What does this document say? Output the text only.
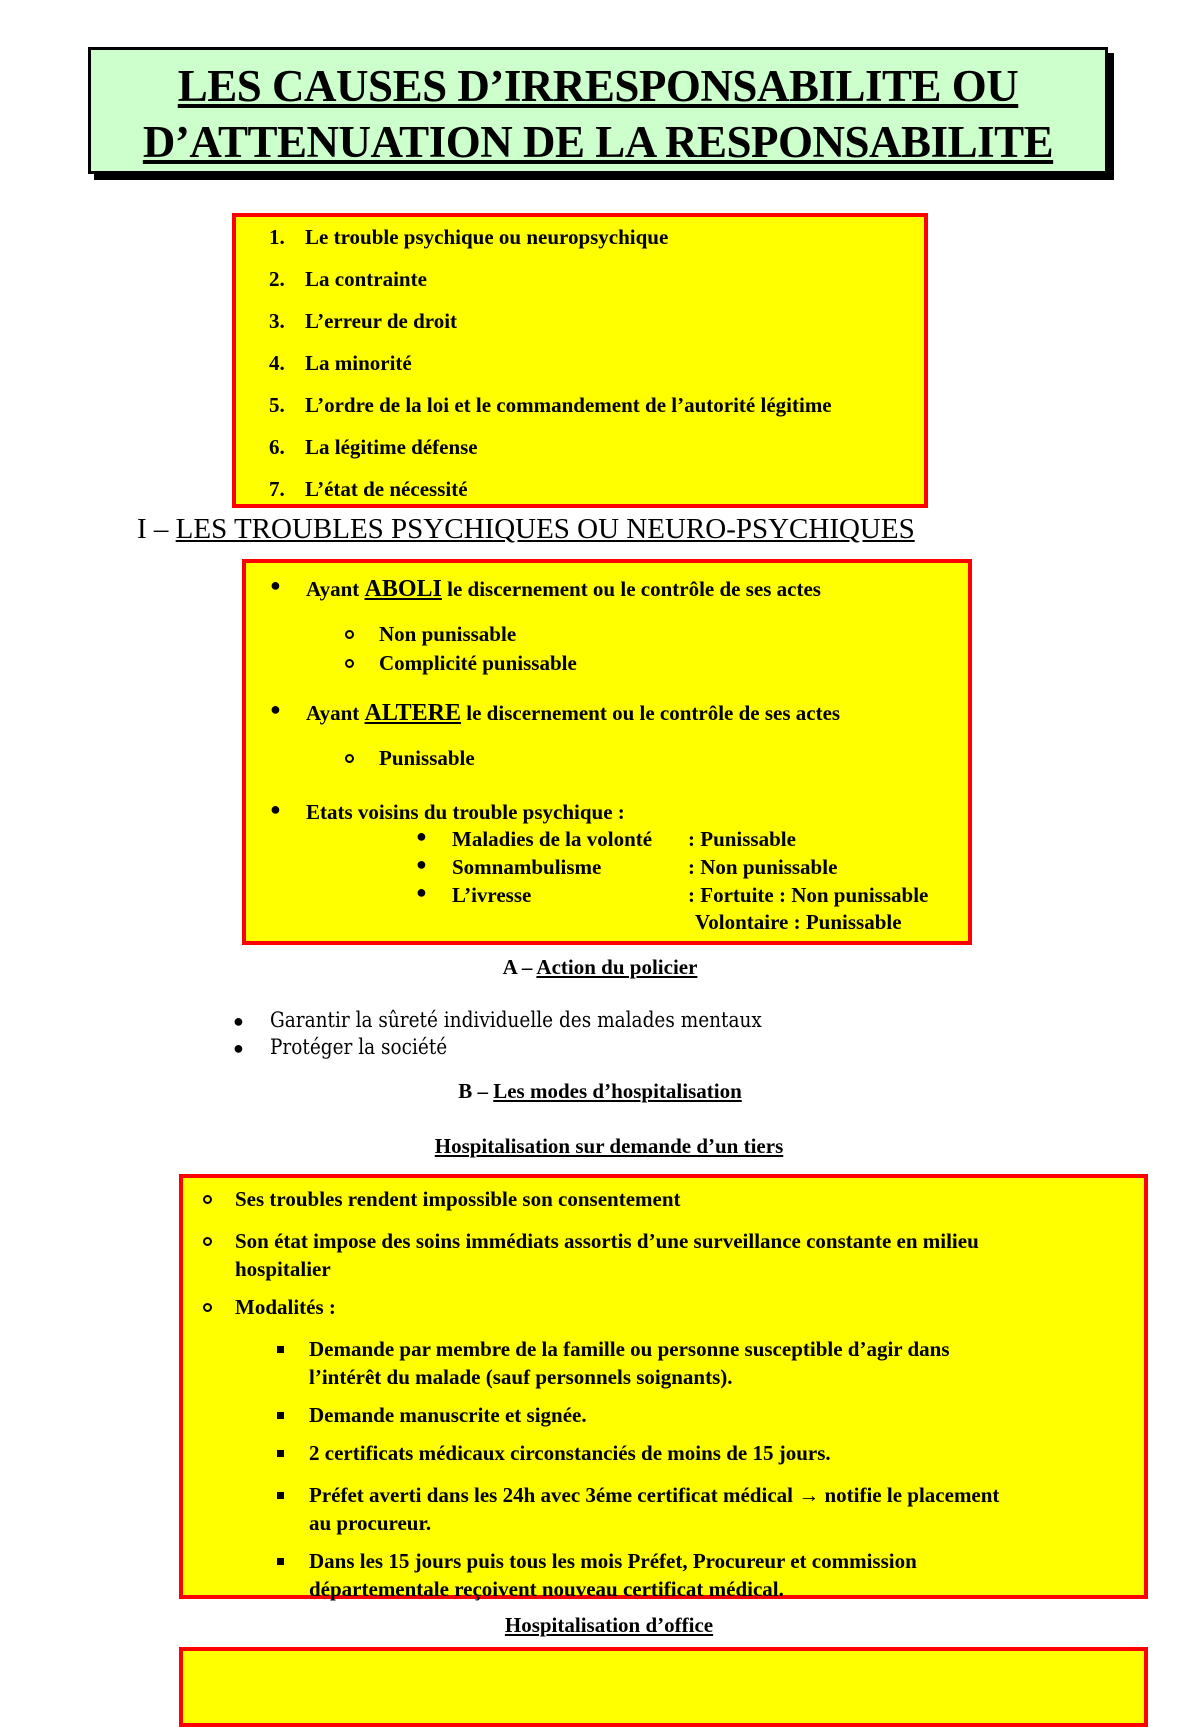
LES CAUSES D’IRRESPONSABILITE OU
D’ATTENUATION DE LA RESPONSABILITE
1. Le trouble psychique ou neuropsychique
2. La contrainte
3. L’erreur de droit
4. La minorité
5. L’ordre de la loi et le commandement de l’autorité légitime
6. La légitime défense
7. L’état de nécessité
I – LES TROUBLES PSYCHIQUES OU NEURO-PSYCHIQUES
● Ayant ABOLI le discernement ou le contrôle de ses actes
Non punissable
Complicité punissable
● Ayant ALTERE le discernement ou le contrôle de ses actes
Punissable
● Etats voisins du trouble psychique :
● Maladies de la volonté : Punissable
● Somnambulisme	: Non punissable
● L’ivresse	: Fortuite : Non punissable
Volontaire : Punissable
A – Action du policier
● Garantir la sûreté individuelle des malades mentaux
● Protéger la société
B – Les modes d’hospitalisation
Hospitalisation sur demande d’un tiers
Ses troubles rendent impossible son consentement
Son état impose des soins immédiats assortis d’une surveillance constante en milieu
hospitalier
Modalités :
Demande par membre de la famille ou personne susceptible d’agir dans
l’intérêt du malade (sauf personnels soignants).
Demande manuscrite et signée.
2 certificats médicaux circonstanciés de moins de 15 jours.
Préfet averti dans les 24h avec 3éme certificat médical → notifie le placement
au procureur.
Dans les 15 jours puis tous les mois Préfet, Procureur et commission
départementale reçoivent nouveau certificat médical.
Hospitalisation d’office
